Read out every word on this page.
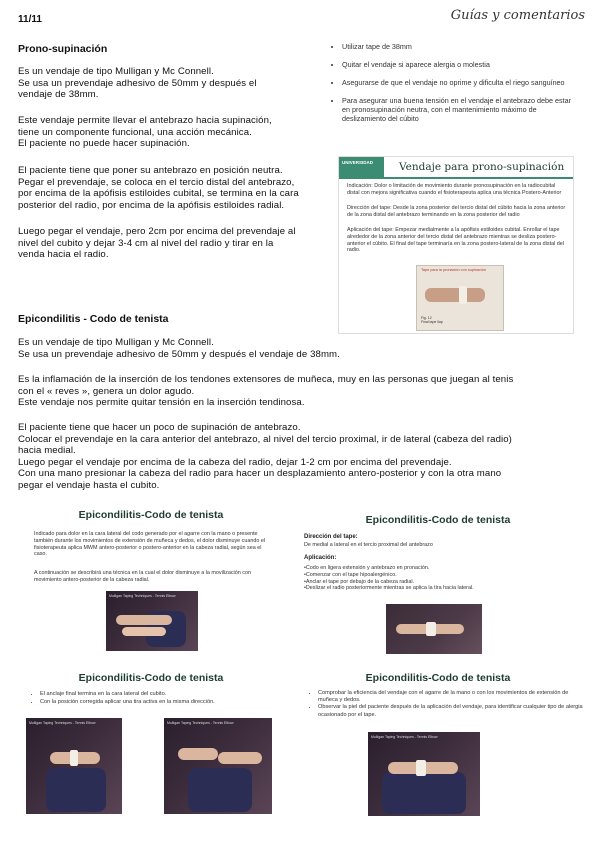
11/11	Guías y comentarios
Prono-supinación
Es un vendaje de tipo Mulligan y Mc Connell.
Se usa un prevendaje adhesivo de 50mm y después el
vendaje de 38mm.
Este vendaje permite llevar el antebrazo hacia supinación,
tiene un componente funcional, una acción mecánica.
El paciente no puede hacer supinación.
El paciente tiene que poner su antebrazo en posición neutra.
Pegar el prevendaje, se coloca en el tercio distal del antebrazo,
por encima de la apófisis estiloides cubital, se termina en la cara
posterior del radio, por encima de la apófisis estiloides radial.
Luego pegar el vendaje, pero 2cm por encima del prevendaje al
nivel del cubito y dejar 3-4 cm al nivel del radio y tirar en la
venda hacia el radio.
• Utilizar tape de 38mm
• Quitar el vendaje si aparece alergia o molestia
• Asegurarse de que el vendaje no oprime y dificulta el riego sanguíneo
• Para asegurar una buena tensión en el vendaje el antebrazo debe estar en pronosupinación neutra, con el mantenimiento máximo de deslizamiento del cúbito
UNIVERSIDAD	Vendaje para prono-supinación
Indicación: Dolor o limitación de movimiento durante pronosupinación en la radiocubital distal con mejora significativa cuando el fisioterapeuta aplica una técnica Postero-Anterior
Dirección del tape: Desde la zona posterior del tercio distal del cúbito hacia la zona anterior de la zona distal del antebrazo terminando en la zona posterior del radio
Aplicación del tape: Empezar medialmente a la apófisis estiloides cubital. Enrollar el tape alrededor de la zona anterior del tercio distal del antebrazo mientras se desliza postero-anterior el cúbito. El final del tape terminaría en la zona postero-lateral de la zona distal del radio.
Tape para la pronación con supinación
Fig. 12
Final tape llap
Epicondilitis - Codo de tenista
Es un vendaje de tipo Mulligan y Mc Connell.
Se usa un prevendaje adhesivo de 50mm y después el vendaje de 38mm.
Es la inflamación de la inserción de los tendones extensores de muñeca, muy en las personas que juegan al tenis
con el « reves », genera un dolor agudo.
Este vendaje nos permite quitar tensión en la inserción tendinosa.
El paciente tiene que hacer un poco de supinación de antebrazo.
Colocar el prevendaje en la cara anterior del antebrazo, al nivel del tercio proximal, ir de lateral (cabeza del radio)
hacia medial.
Luego pegar el vendaje por encima de la cabeza del radio, dejar 1-2 cm por encima del prevendaje.
Con una mano presionar la cabeza del radio para hacer un desplazamiento antero-posterior y con la otra mano
pegar el vendaje hasta el cubito.
Epicondilitis-Codo de tenista
Indicado para dolor en la cara lateral del codo generado por el agarre con la mano o presente también durante los movimientos de extensión de muñeca y dedos, el dolor disminuye cuando el fisioterapeuta aplica MWM antero-posterior o postero-anterior en la cabeza radial, según sea el caso.
A continuación se describirá una técnica en la cual el dolor disminuye a la movilización con movimiento antero-posterior de la cabeza radial.
Mulligan Taping Techniques - Tennis Elbow
Epicondilitis-Codo de tenista
Dirección del tape:
De medial a lateral en el tercio proximal del antebrazo
Aplicación:
•Codo en ligera extensión y antebrazo en pronación.
•Comenzar con el tape hipoalergénico.
•Anclar el tape por debajo de la cabeza radial.
•Deslizar el radio posteriormente mientras se aplica la tira hacia lateral.
Epicondilitis-Codo de tenista
• El anclaje final termina en la cara lateral del cubito.
• Con la posición corregida aplicar una tira activa en la misma dirección.
Mulligan Taping Techniques - Tennis Elbow	Mulligan Taping Techniques - Tennis Elbow
Epicondilitis-Codo de tenista
• Comprobar la eficiencia del vendaje con el agarre de la mano o con los movimientos de extensión de muñeca y dedos.
• Observar la piel del paciente después de la aplicación del vendaje, para identificar cualquier tipo de alergia ocasionado por el tape.
Mulligan Taping Techniques - Tennis Elbow
